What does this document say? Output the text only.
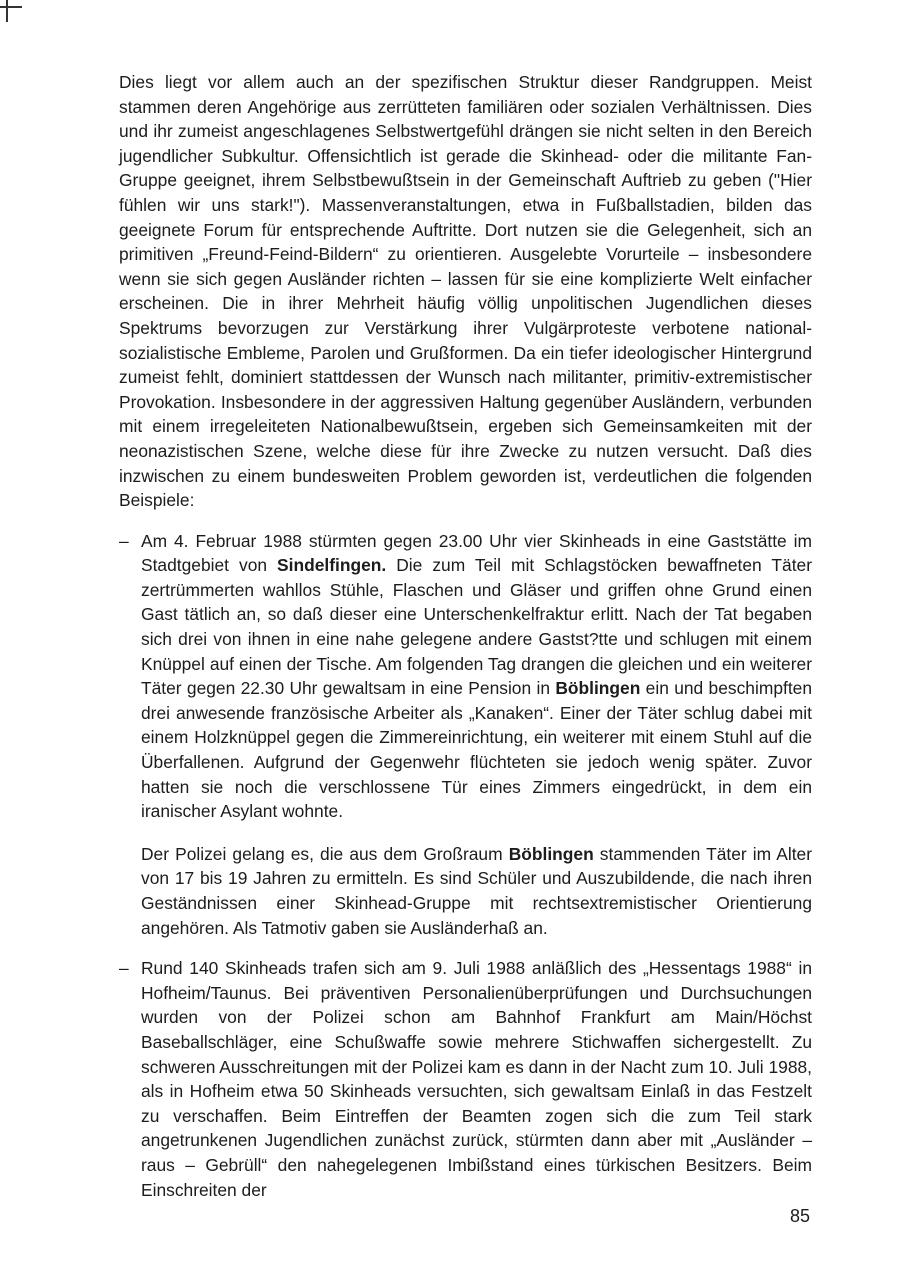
Dies liegt vor allem auch an der spezifischen Struktur dieser Randgruppen. Meist stammen deren Angehörige aus zerrütteten familiären oder sozialen Verhältnissen. Dies und ihr zumeist angeschlagenes Selbstwertgefühl drängen sie nicht selten in den Bereich jugendlicher Subkultur. Offensichtlich ist gerade die Skinhead- oder die militante Fan-Gruppe geeignet, ihrem Selbstbewußtsein in der Gemeinschaft Auftrieb zu geben ("Hier fühlen wir uns stark!"). Massenveranstaltungen, etwa in Fußballstadien, bilden das geeignete Forum für entsprechende Auftritte. Dort nutzen sie die Gelegenheit, sich an primitiven „Freund-Feind-Bildern“ zu orientieren. Ausgelebte Vorurteile – insbesondere wenn sie sich gegen Ausländer richten – lassen für sie eine komplizierte Welt einfacher erscheinen. Die in ihrer Mehrheit häufig völlig unpolitischen Jugendlichen dieses Spektrums bevorzugen zur Verstärkung ihrer Vulgärproteste verbotene national-sozialistische Embleme, Parolen und Grußformen. Da ein tiefer ideologischer Hintergrund zumeist fehlt, dominiert stattdessen der Wunsch nach militanter, primitiv-extremistischer Provokation. Insbesondere in der aggressiven Haltung gegenüber Ausländern, verbunden mit einem irregeleiteten Nationalbewußtsein, ergeben sich Gemeinsamkeiten mit der neonazistischen Szene, welche diese für ihre Zwecke zu nutzen versucht. Daß dies inzwischen zu einem bundesweiten Problem geworden ist, verdeutlichen die folgenden Beispiele:

– Am 4. Februar 1988 stürmten gegen 23.00 Uhr vier Skinheads in eine Gaststätte im Stadtgebiet von Sindelfingen. Die zum Teil mit Schlagstöcken bewaffneten Täter zertrümmerten wahllos Stühle, Flaschen und Gläser und griffen ohne Grund einen Gast tätlich an, so daß dieser eine Unterschenkelfraktur erlitt. Nach der Tat begaben sich drei von ihnen in eine nahe gelegene andere Gastst?tte und schlugen mit einem Knüppel auf einen der Tische. Am folgenden Tag drangen die gleichen und ein weiterer Täter gegen 22.30 Uhr gewaltsam in eine Pension in Böblingen ein und beschimpften drei anwesende französische Arbeiter als „Kanaken“. Einer der Täter schlug dabei mit einem Holzknüppel gegen die Zimmereinrichtung, ein weiterer mit einem Stuhl auf die Überfallenen. Aufgrund der Gegenwehr flüchteten sie jedoch wenig später. Zuvor hatten sie noch die verschlossene Tür eines Zimmers eingedrückt, in dem ein iranischer Asylant wohnte.

Der Polizei gelang es, die aus dem Großraum Böblingen stammenden Täter im Alter von 17 bis 19 Jahren zu ermitteln. Es sind Schüler und Auszubildende, die nach ihren Geständnissen einer Skinhead-Gruppe mit rechtsextremistischer Orientierung angehören. Als Tatmotiv gaben sie Ausländerhaß an.

– Rund 140 Skinheads trafen sich am 9. Juli 1988 anläßlich des „Hessentags 1988“ in Hofheim/Taunus. Bei präventiven Personalienüberprüfungen und Durchsuchungen wurden von der Polizei schon am Bahnhof Frankfurt am Main/Höchst Baseballschläger, eine Schußwaffe sowie mehrere Stichwaffen sichergestellt. Zu schweren Ausschreitungen mit der Polizei kam es dann in der Nacht zum 10. Juli 1988, als in Hofheim etwa 50 Skinheads versuchten, sich gewaltsam Einlaß in das Festzelt zu verschaffen. Beim Eintreffen der Beamten zogen sich die zum Teil stark angetrunkenen Jugendlichen zunächst zurück, stürmten dann aber mit „Ausländer – raus – Gebrüll“ den nahegelegenen Imbißstand eines türkischen Besitzers. Beim Einschreiten der

85
